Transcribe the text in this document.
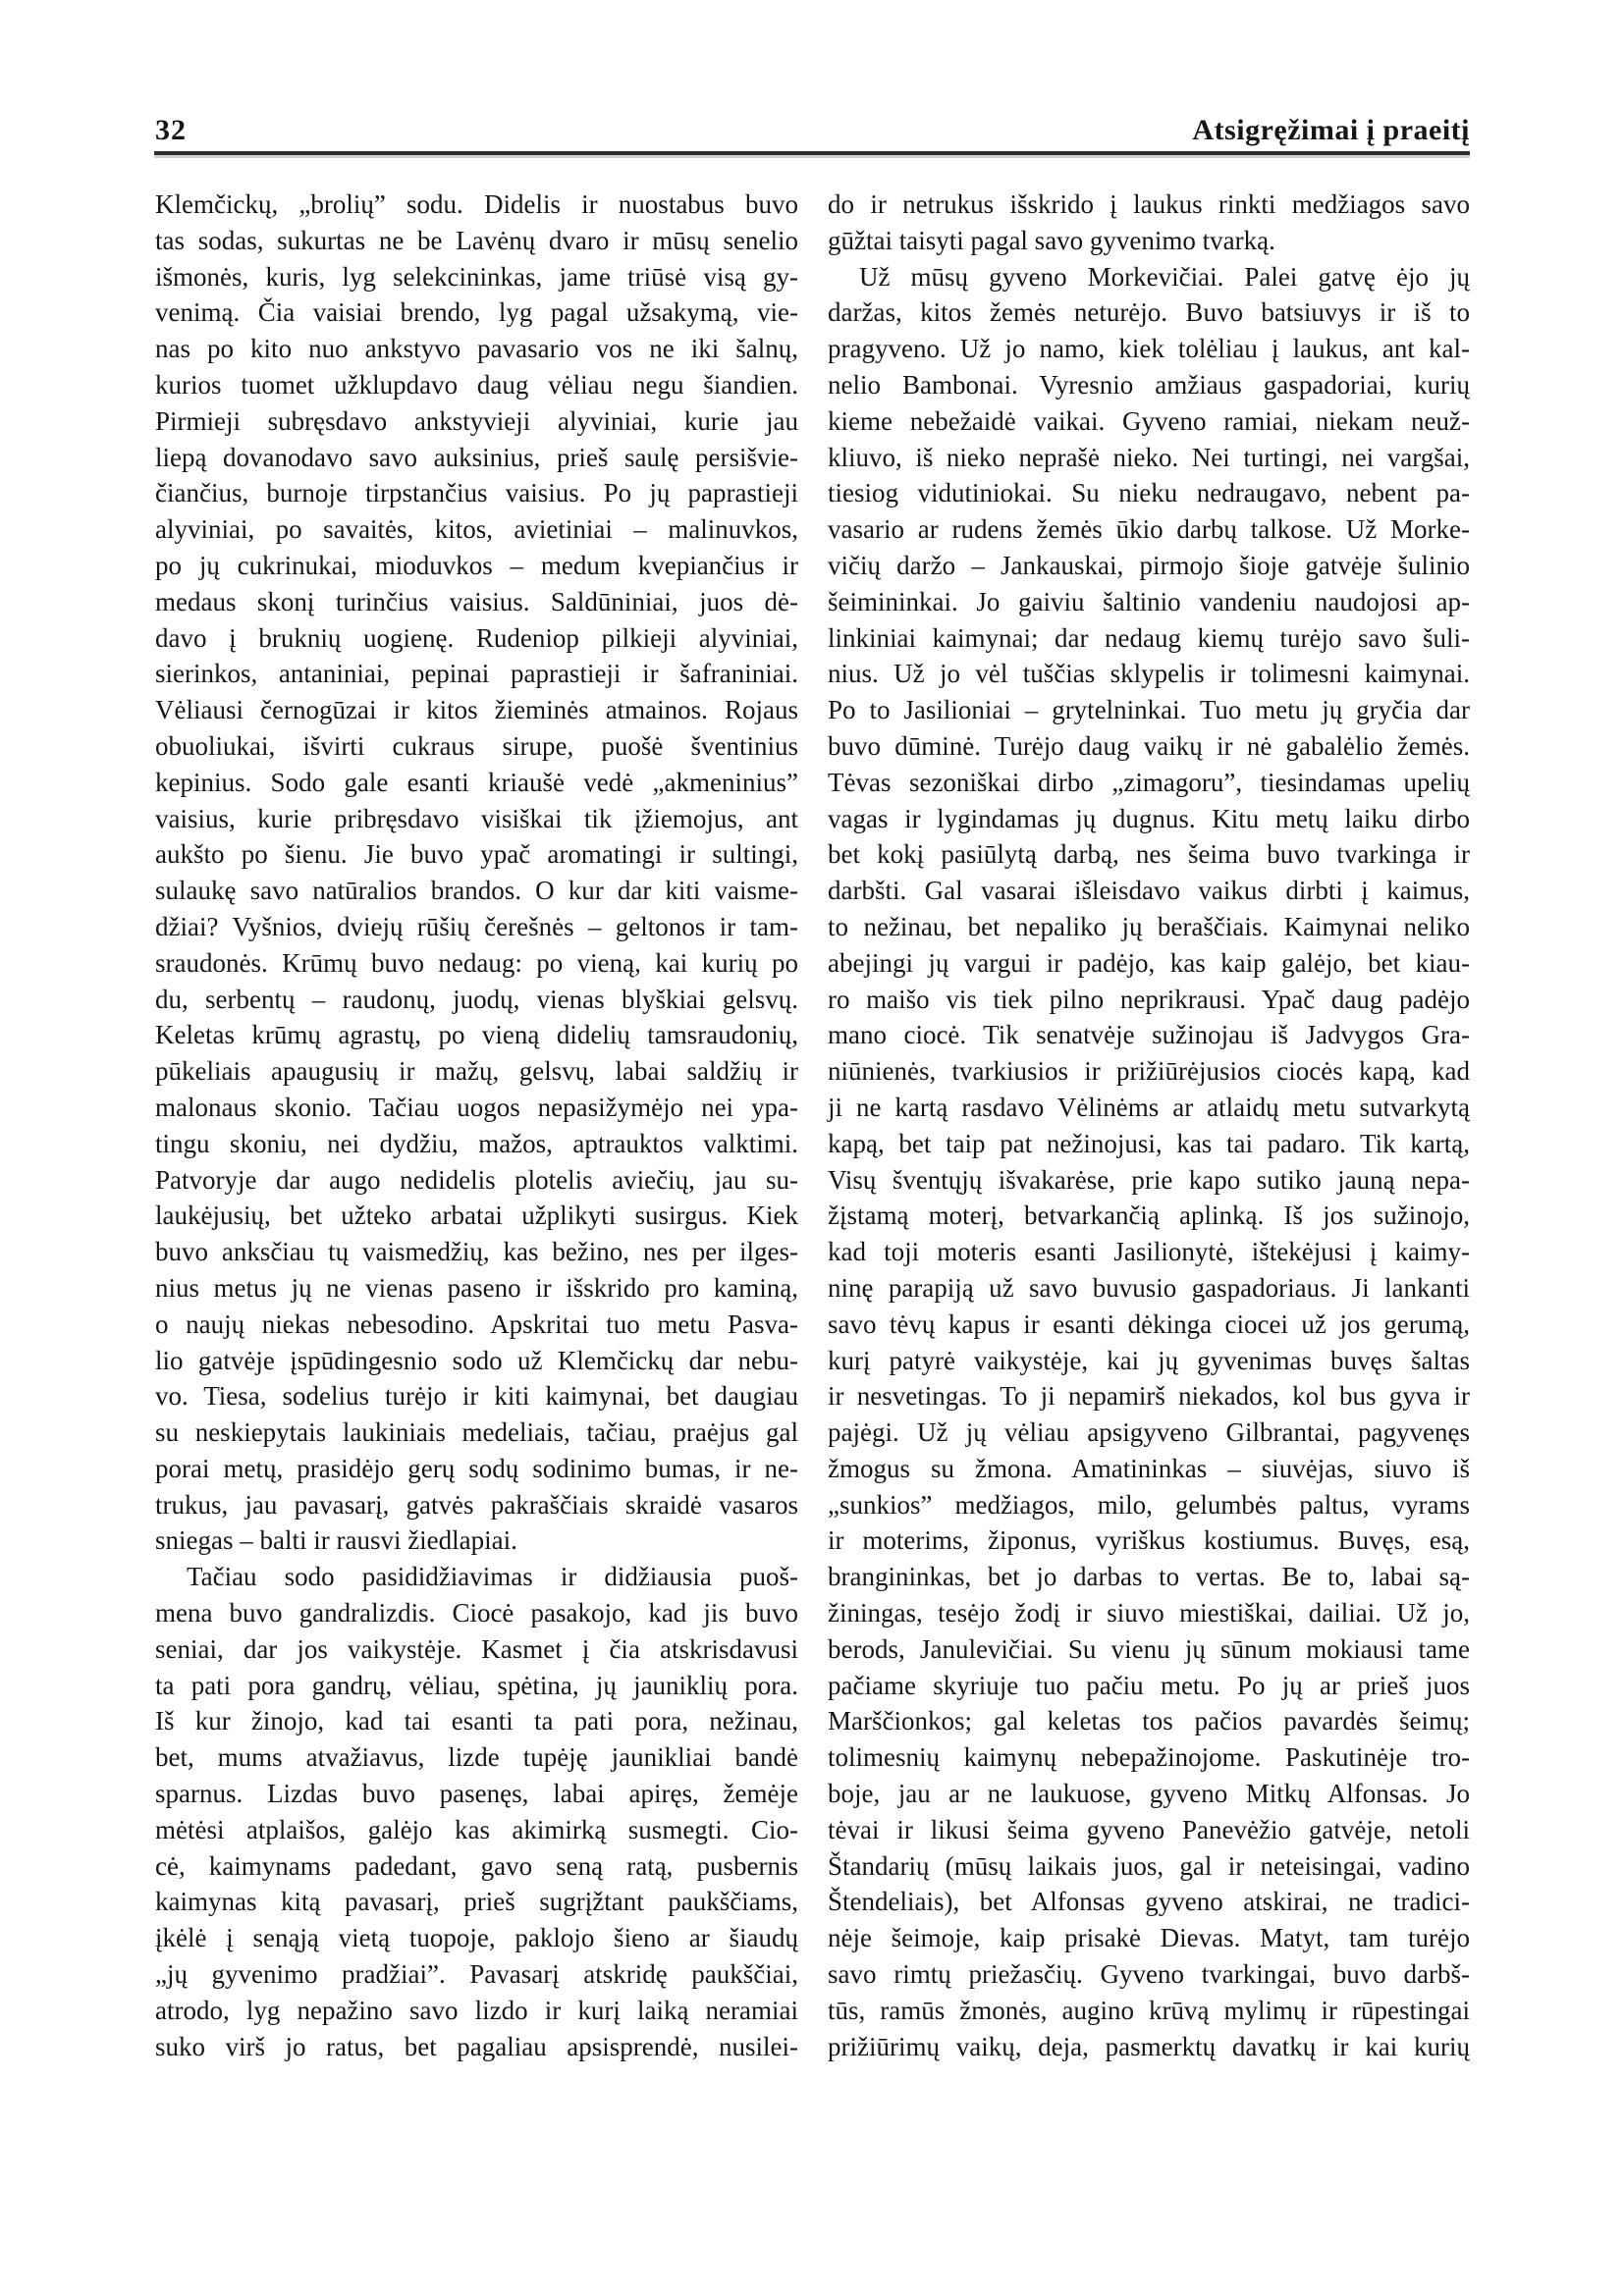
32	Atsigręžimai į praeitį
Klemčickų, „brolių” sodu. Didelis ir nuostabus buvo
tas sodas, sukurtas ne be Lavėnų dvaro ir mūsų senelio
išmonės, kuris, lyg selekcininkas, jame triūsė visą gy-
venimą. Čia vaisiai brendo, lyg pagal užsakymą, vie-
nas po kito nuo ankstyvo pavasario vos ne iki šalnų,
kurios tuomet užklupdavo daug vėliau negu šiandien.
Pirmieji subręsdavo ankstyvieji alyviniai, kurie jau
liepą dovanodavo savo auksinius, prieš saulę persišvie-
čiančius, burnoje tirpstančius vaisius. Po jų paprastieji
alyviniai, po savaitės, kitos, avietiniai – malinuvkos,
po jų cukrinukai, mioduvkos – medum kvepiančius ir
medaus skonį turinčius vaisius. Saldūniniai, juos dė-
davo į bruknių uogienę. Rudeniop pilkieji alyviniai,
sierinkos, antaniniai, pepinai paprastieji ir šafraniniai.
Vėliausi černogūzai ir kitos žieminės atmainos. Rojaus
obuoliukai, išvirti cukraus sirupe, puošė šventinius
kepinius. Sodo gale esanti kriaušė vedė „akmeninius”
vaisius, kurie pribręsdavo visiškai tik įžiemojus, ant
aukšto po šienu. Jie buvo ypač aromatingi ir sultingi,
sulaukę savo natūralios brandos. O kur dar kiti vaisme-
džiai? Vyšnios, dviejų rūšių čerešnės – geltonos ir tam-
sraudonės. Krūmų buvo nedaug: po vieną, kai kurių po
du, serbentų – raudonų, juodų, vienas blyškiai gelsvų.
Keletas krūmų agrastų, po vieną didelių tamsraudonių,
pūkeliais apaugusių ir mažų, gelsvų, labai saldžių ir
malonaus skonio. Tačiau uogos nepasižymėjo nei ypa-
tingu skoniu, nei dydžiu, mažos, aptrauktos valktimi.
Patvoryje dar augo nedidelis plotelis aviečių, jau su-
laukėjusių, bet užteko arbatai užplikyti susirgus. Kiek
buvo anksčiau tų vaismedžių, kas bežino, nes per ilges-
nius metus jų ne vienas paseno ir išskrido pro kaminą,
o naujų niekas nebesodino. Apskritai tuo metu Pasva-
lio gatvėje įspūdingesnio sodo už Klemčickų dar nebu-
vo. Tiesa, sodelius turėjo ir kiti kaimynai, bet daugiau
su neskiepytais laukiniais medeliais, tačiau, praėjus gal
porai metų, prasidėjo gerų sodų sodinimo bumas, ir ne-
trukus, jau pavasarį, gatvės pakraščiais skraidė vasaros
sniegas – balti ir rausvi žiedlapiai.
Tačiau sodo pasididžiavimas ir didžiausia puoš-
mena buvo gandralizdis. Ciocė pasakojo, kad jis buvo
seniai, dar jos vaikystėje. Kasmet į čia atskrisdavusi
ta pati pora gandrų, vėliau, spėtina, jų jauniklių pora.
Iš kur žinojo, kad tai esanti ta pati pora, nežinau,
bet, mums atvažiavus, lizde tupėję jaunikliai bandė
sparnus. Lizdas buvo pasenęs, labai apiręs, žemėje
mėtėsi atplaišos, galėjo kas akimirką susmegti. Cio-
cė, kaimynams padedant, gavo seną ratą, pusbernis
kaimynas kitą pavasarį, prieš sugrįžtant paukščiams,
įkėlė į senąją vietą tuopoje, paklojo šieno ar šiaudų
„jų gyvenimo pradžiai”. Pavasarį atskridę paukščiai,
atrodo, lyg nepažino savo lizdo ir kurį laiką neramiai
suko virš jo ratus, bet pagaliau apsisprendė, nusilei-
do ir netrukus išskrido į laukus rinkti medžiagos savo
gūžtai taisyti pagal savo gyvenimo tvarką.
Už mūsų gyveno Morkevičiai. Palei gatvę ėjo jų
daržas, kitos žemės neturėjo. Buvo batsiuvys ir iš to
pragyveno. Už jo namo, kiek tolėliau į laukus, ant kal-
nelio Bambonai. Vyresnio amžiaus gaspadoriai, kurių
kieme nebežaidė vaikai. Gyveno ramiai, niekam neuž-
kliuvo, iš nieko neprašė nieko. Nei turtingi, nei vargšai,
tiesiog vidutiniokai. Su nieku nedraugavo, nebent pa-
vasario ar rudens žemės ūkio darbų talkose. Už Morke-
vičių daržo – Jankauskai, pirmojo šioje gatvėje šulinio
šeimininkai. Jo gaiviu šaltinio vandeniu naudojosi ap-
linkiniai kaimynai; dar nedaug kiemų turėjo savo šuli-
nius. Už jo vėl tuščias sklypelis ir tolimesni kaimynai.
Po to Jasilioniai – grytelninkai. Tuo metu jų gryčia dar
buvo dūminė. Turėjo daug vaikų ir nė gabalėlio žemės.
Tėvas sezoniškai dirbo „zimagoru”, tiesindamas upelių
vagas ir lygindamas jų dugnus. Kitu metų laiku dirbo
bet kokį pasiūlytą darbą, nes šeima buvo tvarkinga ir
darbšti. Gal vasarai išleisdavo vaikus dirbti į kaimus,
to nežinau, bet nepaliko jų beraščiais. Kaimynai neliko
abejingi jų vargui ir padėjo, kas kaip galėjo, bet kiau-
ro maišo vis tiek pilno neprikrausi. Ypač daug padėjo
mano ciocė. Tik senatvėje sužinojau iš Jadvygos Gra-
niūnienės, tvarkiusios ir prižiūrėjusios ciocės kapą, kad
ji ne kartą rasdavo Vėlinėms ar atlaidų metu sutvarkytą
kapą, bet taip pat nežinojusi, kas tai padaro. Tik kartą,
Visų šventųjų išvakarėse, prie kapo sutiko jauną nepa-
žįstamą moterį, betvarkančią aplinką. Iš jos sužinojo,
kad toji moteris esanti Jasilionytė, ištekėjusi į kaimy-
ninę parapiją už savo buvusio gaspadoriaus. Ji lankanti
savo tėvų kapus ir esanti dėkinga ciocei už jos gerumą,
kurį patyrė vaikystėje, kai jų gyvenimas buvęs šaltas
ir nesvetingas. To ji nepamirš niekados, kol bus gyva ir
pajėgi. Už jų vėliau apsigyveno Gilbrantai, pagyvenęs
žmogus su žmona. Amatininkas – siuvėjas, siuvo iš
„sunkios” medžiagos, milo, gelumbės paltus, vyrams
ir moterims, žiponus, vyriškus kostiumus. Buvęs, esą,
brangininkas, bet jo darbas to vertas. Be to, labai są-
žiningas, tesėjo žodį ir siuvo miestiškai, dailiai. Už jo,
berods, Janulevičiai. Su vienu jų sūnum mokiausi tame
pačiame skyriuje tuo pačiu metu. Po jų ar prieš juos
Marščionkos; gal keletas tos pačios pavardės šeimų;
tolimesnių kaimynų nebepažinojome. Paskutinėje tro-
boje, jau ar ne laukuose, gyveno Mitkų Alfonsas. Jo
tėvai ir likusi šeima gyveno Panevėžio gatvėje, netoli
Štandarių (mūsų laikais juos, gal ir neteisingai, vadino
Štendeliais), bet Alfonsas gyveno atskirai, ne tradici-
nėje šeimoje, kaip prisakė Dievas. Matyt, tam turėjo
savo rimtų priežasčių. Gyveno tvarkingai, buvo darbš-
tūs, ramūs žmonės, augino krūvą mylimų ir rūpestingai
prižiūrimų vaikų, deja, pasmerktų davatkų ir kai kurių
